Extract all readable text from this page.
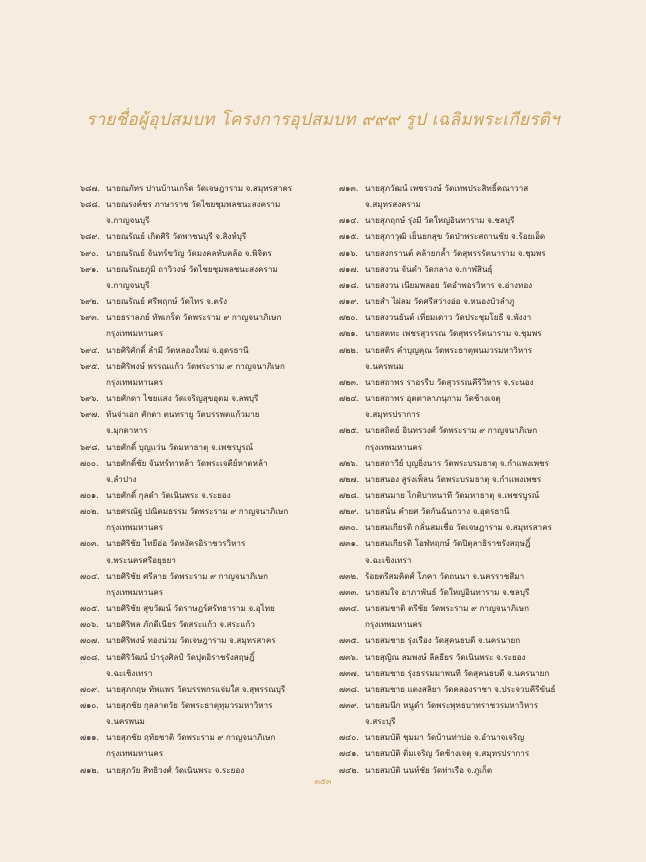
รายชื่อผู้อุปสมบท โครงการอุปสมบท ๙๙๙ รูป เฉลิมพระเกียรติฯ
๖๘๗. นายณภัทร ปานบ้านเกร็ด วัดเจษฎาราม จ.สมุทรสาคร
๖๘๘. นายณรงค์ชร ภาษาราช วัดไชยชุมพลชนะสงคราม
จ.กาญจนบุรี
๖๘๙. นายณรัณย์ เกิดศิริ วัดพาชนบุรี จ.สิงห์บุรี
๖๙๐. นายณรัณย์ จันทร์ขวัญ วัดมงคลทับคล้อ จ.พิจิตร
๖๙๑. นายณรัณยภูมิ ถาวิวงษ์ วัดไชยชุมพลชนะสงคราม
จ.กาญจนบุรี
๖๙๒. นายณรัณย์ ศรีพฤกษ์ วัดไทร จ.ตรัง
๖๙๓. นายธราลภย์ ทัพเกร็ด วัดพระราม ๙ กาญจนาภิเษก
กรุงเทพมหานคร
๖๙๔. นายศิริศักดิ์ ลำมี วัดหลองใหม่ จ.อุดรธานี
๖๙๕. นายศิริพงษ์ พรรณแก้ว วัดพระราม ๙ กาญจนาภิเษก
กรุงเทพมหานคร
๖๙๖. นายศักดา ไชยแสง วัดเจริญสุขอุดม จ.ลพบุรี
๖๙๗. ทันจ่าเอก ศักดา ตนทรายู วัดบรรพตแก้วมาย
จ.มุกดาหาร
๖๙๘. นายศักดิ์ บุญแว่น วัดมหาธาตุ จ.เพชรบูรณ์
๗๐๐. นายศักดิ์ชัย จันทร์ทาหล้า วัดพระเจดีย์หาดหล้า
จ.ลำปาง
๗๐๑. นายศักดิ์ กุลดำ วัดเนินพระ จ.ระยอง
๗๐๒. นายศรณัฐ ปณิดมธรรม วัดพระราม ๙ กาญจนาภิเษก
กรุงเทพมหานคร
๗๐๓. นายศิริชัย ไทยีอ่อ วัดหงัครอิราชวรวิหาร
จ.พระนครศรีอยุธยา
๗๐๔. นายศิริชัย ศรีลาย วัดพระราม ๙ กาญจนาภิเษก
กรุงเทพมหานคร
๗๐๕. นายศิริชัย สุขวัฒน์ วัดราษฎร์ศรัทธาราม จ.อุไทย
๗๐๖. นายศิริพล ภักดีเนียร วัดสระแก้ว จ.สระแก้ว
๗๐๗. นายศิริพงษ์ ทองน่วม วัดเจษฎาราม จ.สมุทรสาคร
๗๐๘. นายศิริวัฒน์ บำรุงศิลป์ วัดปุตอิราชรังสฤษฎิ์
จ.ฉะเชิงเทรา
๗๐๙. นายสุภกฤษ ทัพแพร วัดบรรพกรแจ่มใส จ.สุพรรณบุรี
๗๑๐. นายสุภชัย กุลลาตวัย วัดพระธาตุทุมวรมหาวิหาร
จ.นครพนม
๗๑๑. นายสุภชัย ฤทัยชาติ วัดพระราม ๙ กาญจนาภิเษก
กรุงเทพมหานคร
๗๑๒. นายสุภวัย สิทธิวงศ์ วัดเนินพระ จ.ระยอง
๗๑๓. นายสุภวัฒน์ เพชรวงษ์ วัดเทพประสิทธิ์คณาวาส
จ.สมุทรสงคราม
๗๑๔. นายสุภฤกษ์ รุ่งมี วัดใหญ่อินทาราม จ.ชลบุรี
๗๑๕. นายสุภาวุฒิ เย็นยกสุข วัดป่าพระสถานชัย จ.ร้อยเอ็ด
๗๑๖. นายสงกรานต์ คล้ายกล้ำ วัดสุพรรรัตนาราม จ.ชุมพร
๗๑๗. นายสงวน จันดำ วัดกลาง จ.กาฬสินธุ์
๗๑๘. นายสงวน เนียมพลอย วัดอำพอรวิหาร จ.อ่างทอง
๗๑๙. นายสำ ไผ่ลม วัดศรีสว่างอ่อ จ.หนองบัวลำภู
๗๒๐. นายสงวนธันต์ เที่ยมเดาว วัดประชุมโยธี จ.พังงา
๗๒๑. นายสตทะ เพชรสุวรรณ วัดสุพรรรัตนาราม จ.ชุมพร
๗๒๒. นายสติร คำบุญคุณ วัดพระธาตุพนมวรมหาวิหาร
จ.นครพนม
๗๒๓. นายสถาพร ราอรรีบ วัดสุวรรณคีรีวิหาร จ.ระนอง
๗๒๔. นายสถาพร อุตตาลาภนุกาม วัดช้างเจตุ
จ.สมุทรปราการ
๗๒๕. นายสถิตย์ อินทรวงศ์ วัดพระราม ๙ กาญจนาภิเษก
กรุงเทพมหานคร
๗๒๖. นายสถาวีย์ บุญยิ่งนาร วัดพระบรมธาตุ จ.กำแพงเพชร
๗๒๗. นายสนอง สูรงเพ็ลน วัดพระบรมธาตุ จ.กำแพงเพชร
๗๒๘. นายสนมาย ไกติบาทนาที วัดมหาธาตุ จ.เพชรบูรณ์
๗๒๙. นายสนั่น คำยศ วัดกันฉันกวาง จ.อุดรธานี
๗๓๐. นายสมเกียรติ กลั่นสมเชื่อ วัดเจษฎาราม จ.สมุทรสาคร
๗๓๑. นายสมเกียรติ โอฬทฤกษ์ วัดปิตุลาธิราชรังสฤษฎิ์
จ.ฉะเชิงเทรา
๗๓๒. ร้อยตรีสมคิดศ์ โภคา วัดถนนา จ.นครราชสีมา
๗๓๓. นายสมใจ อาภาพันธ์ วัดใหญ่อินทาราม จ.ชลบุรี
๗๓๔. นายสมชาติ ตรีชัย วัดพระราม ๙ กาญจนาภิเษก
กรุงเทพมหานคร
๗๓๕. นายสมชาย รุ่งเรือง วัดสุคนธบดี จ.นครนายก
๗๓๖. นายสุญิณ สมพงษ์ ลีลธียร วัดเนินพระ จ.ระยอง
๗๓๗. นายสมชาย รุ่งธรรมมาพนที วัดสุคนธบดี จ.นครนายก
๗๓๘. นายสมชาย แตงสลิยา วัดคลองราชา จ.ประจวบคีรีขันธ์
๗๓๙. นายสมนึก หนูดำ วัดพระพุทธบาทราชวรมหาวิหาร
จ.สระบุรี
๗๔๐. นายสมบัติ ชุมมา วัดบ้านท่าบ่อ จ.อำนาจเจริญ
๗๔๑. นายสมบัติ ติ่มเจริญ วัดช้างเจตุ จ.สมุทรปราการ
๗๔๒. นายสมบัติ นนท์ชัย วัดท่าเรือ จ.ภูเก็ต
๓๕๓
